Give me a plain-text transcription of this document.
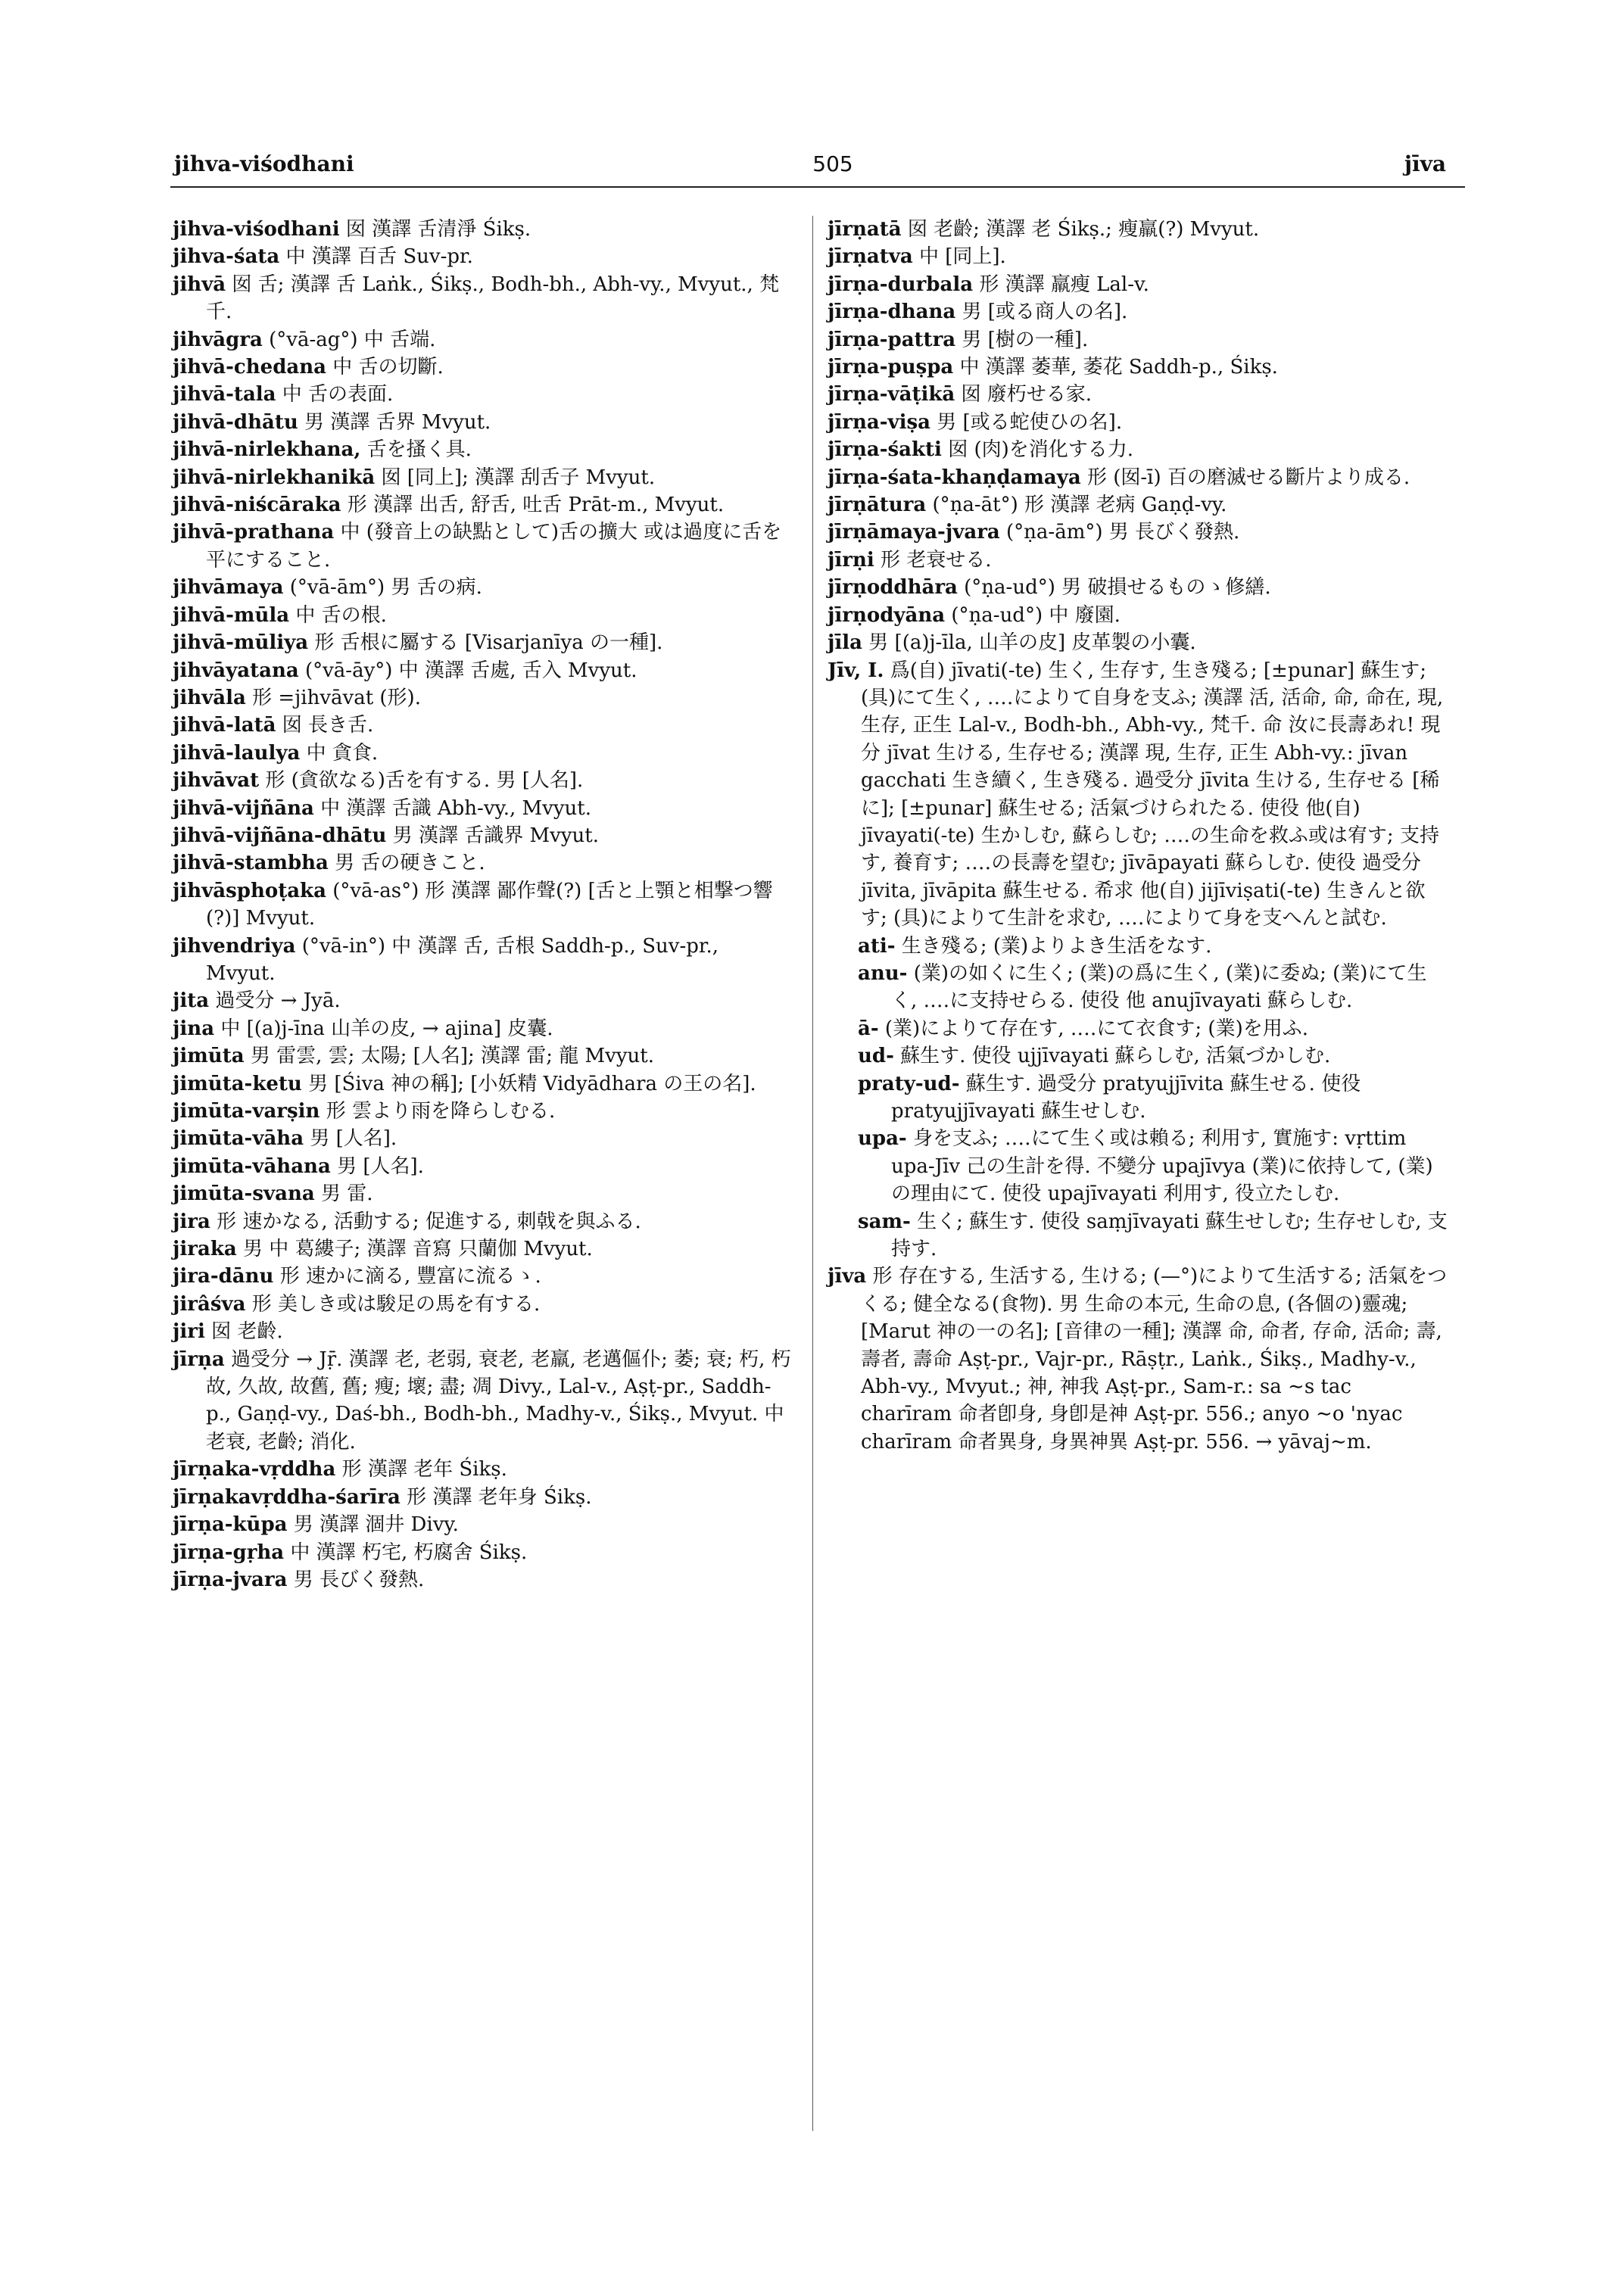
jihva-viśodhani	505	jīva

jihva-viśodhani 囡 漢譯 舌清淨 Śikṣ.

jihva-śata 中 漢譯 百舌 Suv-pr.

jihvā 囡 舌; 漢譯 舌 Laṅk., Śikṣ., Bodh-bh., Abh-vy., Mvyut., 梵千.

jihvāgra (°vā-ag°) 中 舌端.

jihvā-chedana 中 舌の切斷.

jihvā-tala 中 舌の表面.

jihvā-dhātu 男 漢譯 舌界 Mvyut.

jihvā-nirlekhana, 舌を搔く具.

jihvā-nirlekhanikā 囡 [同上]; 漢譯 刮舌子 Mvyut.

jihvā-niścāraka 形 漢譯 出舌, 舒舌, 吐舌 Prāt-m., Mvyut.

jihvā-prathana 中 (發音上の缺點として)舌の擴大 或は過度に舌を平にすること.

jihvāmaya (°vā-ām°) 男 舌の病.

jihvā-mūla 中 舌の根.

jihvā-mūliya 形 舌根に屬する [Visarjanīya の一種].

jihvāyatana (°vā-āy°) 中 漢譯 舌處, 舌入 Mvyut.

jihvāla 形 =jihvāvat (形).

jihvā-latā 囡 長き舌.

jihvā-laulya 中 貪食.

jihvāvat 形 (貪欲なる)舌を有する. 男 [人名].

jihvā-vijñāna 中 漢譯 舌識 Abh-vy., Mvyut.

jihvā-vijñāna-dhātu 男 漢譯 舌識界 Mvyut.

jihvā-stambha 男 舌の硬きこと.

jihvāsphoṭaka (°vā-as°) 形 漢譯 鄙作聲(?) [舌と上顎と相撃つ響(?)] Mvyut.

jihvendriya (°vā-in°) 中 漢譯 舌, 舌根 Saddh-p., Suv-pr., Mvyut.

jita 過受分 → Jyā.

jina 中 [(a)j-īna 山羊の皮, → ajina] 皮囊.

jimūta 男 雷雲, 雲; 太陽; [人名]; 漢譯 雷; 龍 Mvyut.

jimūta-ketu 男 [Śiva 神の稱]; [小妖精 Vidyādhara の王の名].

jimūta-varṣin 形 雲より雨を降らしむる.

jimūta-vāha 男 [人名].

jimūta-vāhana 男 [人名].

jimūta-svana 男 雷.

jira 形 速かなる, 活動する; 促進する, 刺戟を與ふる.

jiraka 男 中 葛縷子; 漢譯 音寫 只蘭伽 Mvyut.

jira-dānu 形 速かに滴る, 豐富に流るゝ.

jirâśva 形 美しき或は駿足の馬を有する.

jiri 囡 老齡.

jīrṇa 過受分 → Jṝ. 漢譯 老, 老弱, 衰老, 老羸, 老邁傴仆; 萎; 衰; 朽, 朽故, 久故, 故舊, 舊; 瘦; 壞; 盡; 凋 Divy., Lal-v., Aṣṭ-pr., Saddh-p., Gaṇḍ-vy., Daś-bh., Bodh-bh., Madhy-v., Śikṣ., Mvyut. 中 老衰, 老齡; 消化.

jīrṇaka-vṛddha 形 漢譯 老年 Śikṣ.

jīrṇakavṛddha-śarīra 形 漢譯 老年身 Śikṣ.

jīrṇa-kūpa 男 漢譯 涸井 Divy.

jīrṇa-gṛha 中 漢譯 朽宅, 朽腐舍 Śikṣ.

jīrṇa-jvara 男 長びく發熱.

jīrṇatā 囡 老齡; 漢譯 老 Śikṣ.; 瘦羸(?) Mvyut.

jīrṇatva 中 [同上].

jīrṇa-durbala 形 漢譯 羸瘦 Lal-v.

jīrṇa-dhana 男 [或る商人の名].

jīrṇa-pattra 男 [樹の一種].

jīrṇa-puṣpa 中 漢譯 萎華, 萎花 Saddh-p., Śikṣ.

jīrṇa-vāṭikā 囡 廢朽せる家.

jīrṇa-viṣa 男 [或る蛇使ひの名].

jīrṇa-śakti 囡 (肉)を消化する力.

jīrṇa-śata-khaṇḍamaya 形 (囡-ī) 百の磨滅せる斷片より成る.

jīrṇātura (°ṇa-āt°) 形 漢譯 老病 Gaṇḍ-vy.

jīrṇāmaya-jvara (°ṇa-ām°) 男 長びく發熱.

jīrṇi 形 老衰せる.

jīrṇoddhāra (°ṇa-ud°) 男 破損せるものゝ修繕.

jīrṇodyāna (°ṇa-ud°) 中 廢園.

jīla 男 [(a)j-īla, 山羊の皮] 皮革製の小囊.

Jīv, I. 爲(自) jīvati(-te) 生く, 生存す, 生き殘る; [±punar] 蘇生す; (具)にて生く, ‥‥によりて自身を支ふ; 漢譯 活, 活命, 命, 命在, 現, 生存, 正生 Lal-v., Bodh-bh., Abh-vy., 梵千. 命 汝に長壽あれ! 現分 jīvat 生ける, 生存せる; 漢譯 現, 生存, 正生 Abh-vy.: jīvan gacchati 生き續く, 生き殘る. 過受分 jīvita 生ける, 生存せる [稀に]; [±punar] 蘇生せる; 活氣づけられたる. 使役 他(自) jīvayati(-te) 生かしむ, 蘇らしむ; ‥‥の生命を救ふ或は宥す; 支持す, 養育す; ‥‥の長壽を望む; jīvāpayati 蘇らしむ. 使役 過受分 jīvita, jīvāpita 蘇生せる. 希求 他(自) jijīviṣati(-te) 生きんと欲す; (具)によりて生計を求む, ‥‥によりて身を支へんと試む.

ati- 生き殘る; (業)よりよき生活をなす.

anu- (業)の如くに生く; (業)の爲に生く, (業)に委ぬ; (業)にて生く, ‥‥に支持せらる. 使役 他 anujīvayati 蘇らしむ.

ā- (業)によりて存在す, ‥‥にて衣食す; (業)を用ふ.

ud- 蘇生す. 使役 ujjīvayati 蘇らしむ, 活氣づかしむ.

praty-ud- 蘇生す. 過受分 pratyujjīvita 蘇生せる. 使役 pratyujjīvayati 蘇生せしむ.

upa- 身を支ふ; ‥‥にて生く或は賴る; 利用す, 實施す: vṛttim upa-Jīv 己の生計を得. 不變分 upajīvya (業)に依持して, (業)の理由にて. 使役 upajīvayati 利用す, 役立たしむ.

sam- 生く; 蘇生す. 使役 saṃjīvayati 蘇生せしむ; 生存せしむ, 支持す.

jīva 形 存在する, 生活する, 生ける; (—°)によりて生活する; 活氣をつくる; 健全なる(食物). 男 生命の本元, 生命の息, (各個の)靈魂; [Marut 神の一の名]; [音律の一種]; 漢譯 命, 命者, 存命, 活命; 壽, 壽者, 壽命 Aṣṭ-pr., Vajr-pr., Rāṣṭr., Laṅk., Śikṣ., Madhy-v., Abh-vy., Mvyut.; 神, 神我 Aṣṭ-pr., Sam-r.: sa ∼s tac charīram 命者卽身, 身卽是神 Aṣṭ-pr. 556.; anyo ∼o 'nyac charīram 命者異身, 身異神異 Aṣṭ-pr. 556. → yāvaj∼m.
